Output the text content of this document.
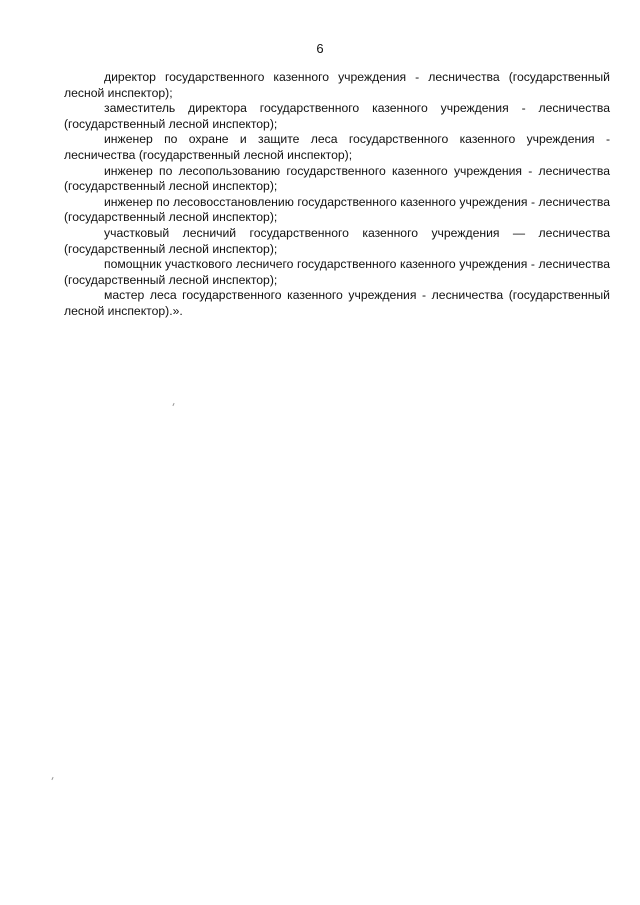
6

директор государственного казенного учреждения - лесничества (государственный лесной инспектор);

заместитель директора государственного казенного учреждения - лесничества (государственный лесной инспектор);

инженер по охране и защите леса государственного казенного учреждения - лесничества (государственный лесной инспектор);

инженер по лесопользованию государственного казенного учреждения - лесничества (государственный лесной инспектор);

инженер по лесовосстановлению государственного казенного учреждения - лесничества (государственный лесной инспектор);

участковый лесничий государственного казенного учреждения — лесничества (государственный лесной инспектор);

помощник участкового лесничего государственного казенного учреждения - лесничества (государственный лесной инспектор);

мастер леса государственного казенного учреждения - лесничества (государственный лесной инспектор).».
